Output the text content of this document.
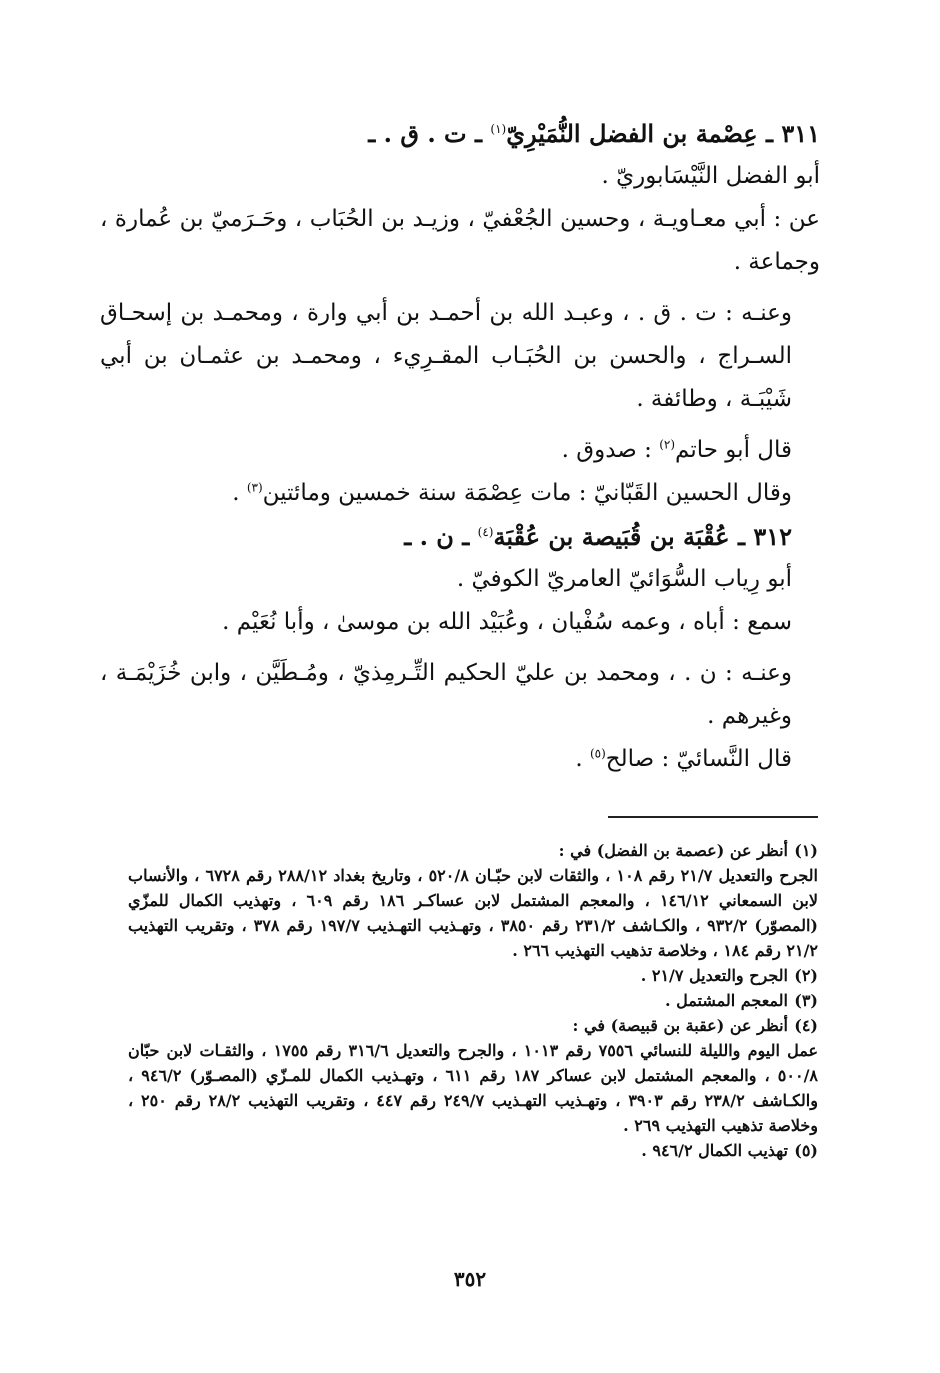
٣١١ ـ عِصْمة بن الفضل النُّمَيْرِيّ$^{(١)}$ ـ ت . ق . ـ
أبو الفضل النَّيْسَابوريّ .
عن : أبي معـاويـة ، وحسين الجُعْفيّ ، وزيـد بن الحُبَاب ، وحَـرَميّ بن عُمارة ، وجماعة .
وعنـه : ت . ق . ، وعبـد الله بن أحمـد بن أبي وارة ، ومحمـد بن إسحـاق السـراج ، والحسن بن الحُبَـاب المقـرِيء ، ومحمـد بن عثمـان بن أبي شَيْبَـة ، وطائفة .
قال أبو حاتم$^{(٢)}$ : صدوق .
وقال الحسين القَبّانيّ : مات عِصْمَة سنة خمسين ومائتين$^{(٣)}$ .
٣١٢ ـ عُقْبَة بن قُبَيصة بن عُقْبَة$^{(٤)}$ ـ ن . ـ
أبو رِياب السُّوَائيّ العامريّ الكوفيّ .
سمع : أباه ، وعمه سُفْيان ، وعُبَيْد الله بن موسىٰ ، وأبا نُعَيْم .
وعنـه : ن . ، ومحمد بن عليّ الحكيم التِّـرمِذيّ ، ومُـطَيَّن ، وابن خُزَيْمَـة ، وغيرهم .
قال النَّسائيّ : صالح$^{(٥)}$ .
(١)أنظر عن (عصمة بن الفضل) في :
الجرح والتعديل ٢١/٧ رقم ١٠٨ ، والثقات لابن حبّـان ٥٢٠/٨ ، وتاريخ بغداد ٢٨٨/١٢ رقم ٦٧٢٨ ، والأنساب لابن السمعاني ١٤٦/١٢ ، والمعجم المشتمل لابن عساكـر ١٨٦ رقم ٦٠٩ ، وتهذيب الكمال للمزّي (المصوّر) ٩٣٢/٢ ، والكـاشف ٢٣١/٢ رقم ٣٨٥٠ ، وتهـذيب التهـذيب ١٩٧/٧ رقم ٣٧٨ ، وتقريب التهذيب ٢١/٢ رقم ١٨٤ ، وخلاصة تذهيب التهذيب ٢٦٦ .
(٢)الجرح والتعديل ٢١/٧ .
(٣)المعجم المشتمل .
(٤)أنظر عن (عقبة بن قبيصة) في :
عمل اليوم والليلة للنسائي ٧٥٥٦ رقم ١٠١٣ ، والجرح والتعديل ٣١٦/٦ رقم ١٧٥٥ ، والثقـات لابن حبّان ٥٠٠/٨ ، والمعجم المشتمل لابن عساكر ١٨٧ رقم ٦١١ ، وتهـذيب الكمال للمـزّي (المصـوّر) ٩٤٦/٢ ، والكـاشف ٢٣٨/٢ رقم ٣٩٠٣ ، وتهـذيب التهـذيب ٢٤٩/٧ رقم ٤٤٧ ، وتقريب التهذيب ٢٨/٢ رقم ٢٥٠ ، وخلاصة تذهيب التهذيب ٢٦٩ .
(٥)تهذيب الكمال ٩٤٦/٢ .
٣٥٢
